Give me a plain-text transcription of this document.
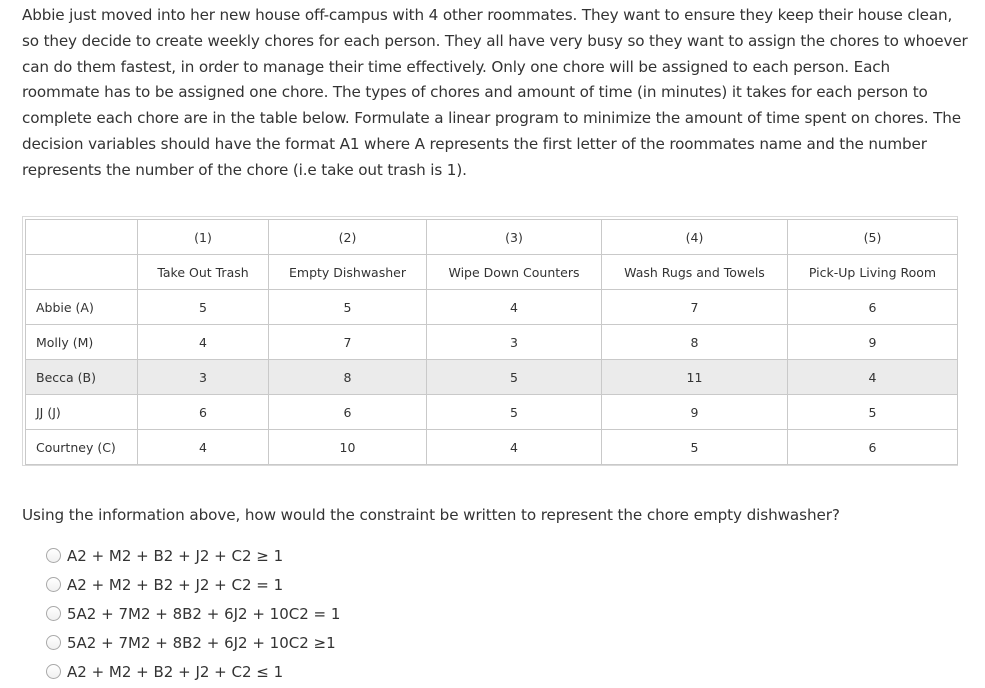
Abbie just moved into her new house off-campus with 4 other roommates. They want to ensure they keep their house clean,
so they decide to create weekly chores for each person. They all have very busy so they want to assign the chores to whoever
can do them fastest, in order to manage their time effectively. Only one chore will be assigned to each person. Each
roommate has to be assigned one chore. The types of chores and amount of time (in minutes) it takes for each person to
complete each chore are in the table below. Formulate a linear program to minimize the amount of time spent on chores. The
decision variables should have the format A1 where A represents the first letter of the roommates name and the number
represents the number of the chore (i.e take out trash is 1).

	(1)	(2)	(3)	(4)	(5)
	Take Out Trash	Empty Dishwasher	Wipe Down Counters	Wash Rugs and Towels	Pick-Up Living Room
Abbie (A)	5	5	4	7	6
Molly (M)	4	7	3	8	9
Becca (B)	3	8	5	11	4
JJ (J)	6	6	5	9	5
Courtney (C)	4	10	4	5	6

Using the information above, how would the constraint be written to represent the chore empty dishwasher?

A2 + M2 + B2 + J2 + C2 ≥ 1
A2 + M2 + B2 + J2 + C2 = 1
5A2 + 7M2 + 8B2 + 6J2 + 10C2 = 1
5A2 + 7M2 + 8B2 + 6J2 + 10C2 ≥1
A2 + M2 + B2 + J2 + C2 ≤ 1
